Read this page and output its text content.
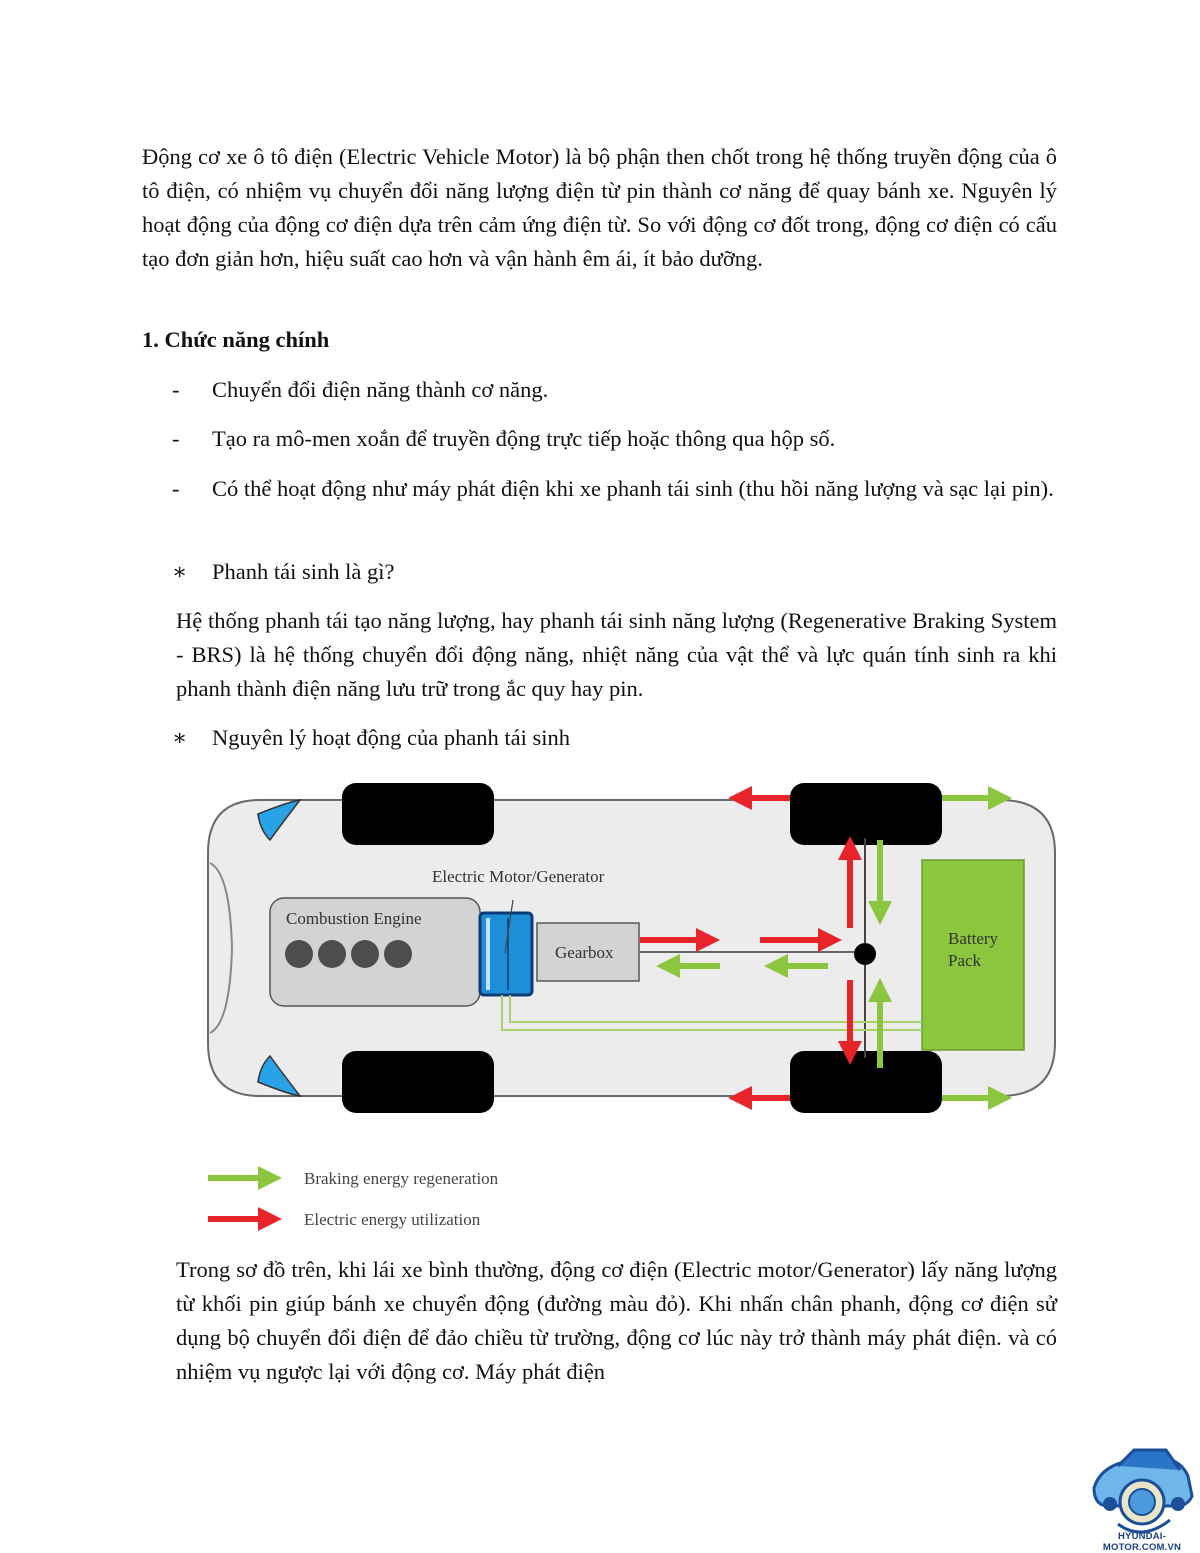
Động cơ xe ô tô điện (Electric Vehicle Motor) là bộ phận then chốt trong hệ thống truyền động của ô tô điện, có nhiệm vụ chuyển đổi năng lượng điện từ pin thành cơ năng để quay bánh xe. Nguyên lý hoạt động của động cơ điện dựa trên cảm ứng điện từ. So với động cơ đốt trong, động cơ điện có cấu tạo đơn giản hơn, hiệu suất cao hơn và vận hành êm ái, ít bảo dưỡng.

1. Chức năng chính

-	Chuyển đổi điện năng thành cơ năng.
-	Tạo ra mô-men xoắn để truyền động trực tiếp hoặc thông qua hộp số.
-	Có thể hoạt động như máy phát điện khi xe phanh tái sinh (thu hồi năng lượng và sạc lại pin).
∗	Phanh tái sinh là gì?

Hệ thống phanh tái tạo năng lượng, hay phanh tái sinh năng lượng (Regenerative Braking System - BRS) là hệ thống chuyển đổi động năng, nhiệt năng của vật thể và lực quán tính sinh ra khi phanh thành điện năng lưu trữ trong ắc quy hay pin.

∗	Nguyên lý hoạt động của phanh tái sinh
Combustion Engine
Electric Motor/Generator
Gearbox
Battery
Pack
Braking energy regeneration
Electric energy utilization

Trong sơ đồ trên, khi lái xe bình thường, động cơ điện (Electric motor/Generator) lấy năng lượng từ khối pin giúp bánh xe chuyển động (đường màu đỏ). Khi nhấn chân phanh, động cơ điện sử dụng bộ chuyển đổi điện để đảo chiều từ trường, động cơ lúc này trở thành máy phát điện. và có nhiệm vụ ngược lại với động cơ. Máy phát điện

HYUNDAI-MOTOR.COM.VN
